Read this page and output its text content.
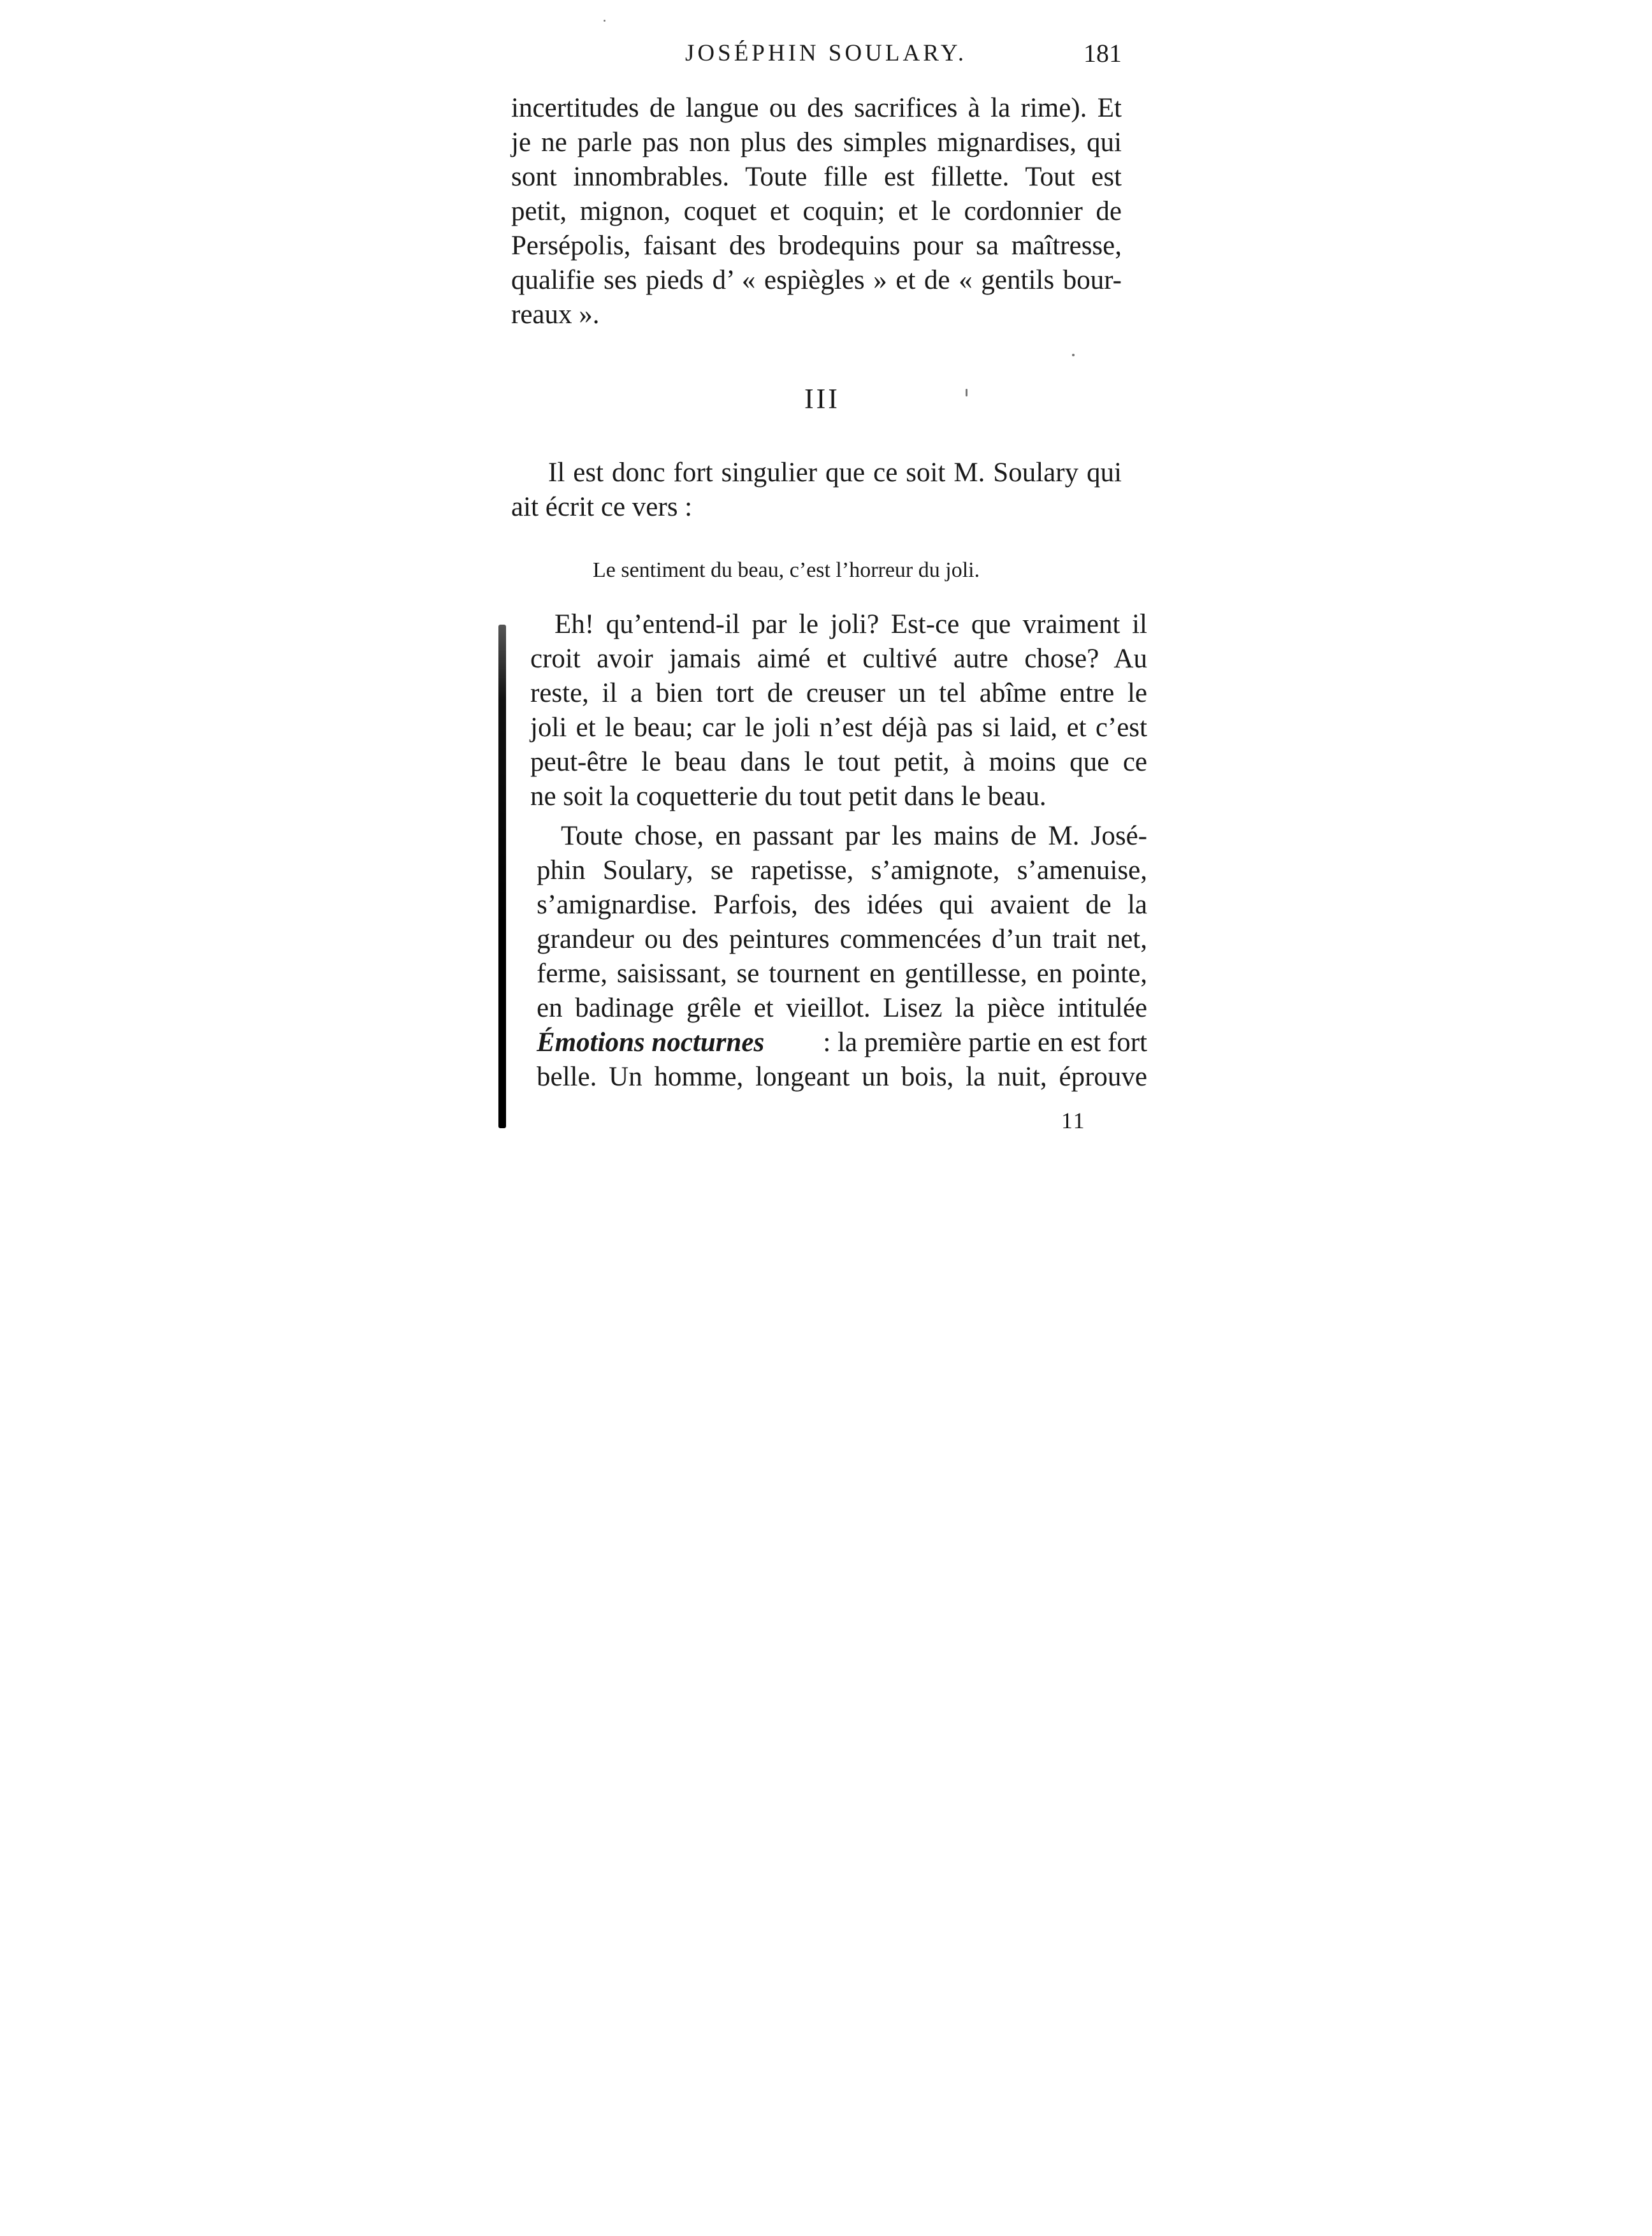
JOSÉPHIN SOULARY.	181
incertitudes de langue ou des sacrifices à la rime). Et
je ne parle pas non plus des simples mignardises, qui
sont innombrables. Toute fille est fillette. Tout est
petit, mignon, coquet et coquin; et le cordonnier de
Persépolis, faisant des brodequins pour sa maîtresse,
qualifie ses pieds d’ « espiègles » et de « gentils bour-
reaux ».
III
Il est donc fort singulier que ce soit M. Soulary qui
ait écrit ce vers :
Le sentiment du beau, c’est l’horreur du joli.
Eh! qu’entend-il par le joli? Est-ce que vraiment il
croit avoir jamais aimé et cultivé autre chose? Au
reste, il a bien tort de creuser un tel abîme entre le
joli et le beau; car le joli n’est déjà pas si laid, et c’est
peut-être le beau dans le tout petit, à moins que ce
ne soit la coquetterie du tout petit dans le beau.
Toute chose, en passant par les mains de M. José-
phin Soulary, se rapetisse, s’amignote, s’amenuise,
s’amignardise. Parfois, des idées qui avaient de la
grandeur ou des peintures commencées d’un trait net,
ferme, saisissant, se tournent en gentillesse, en pointe,
en badinage grêle et vieillot. Lisez la pièce intitulée
Émotions nocturnes : la première partie en est fort
belle. Un homme, longeant un bois, la nuit, éprouve
11
